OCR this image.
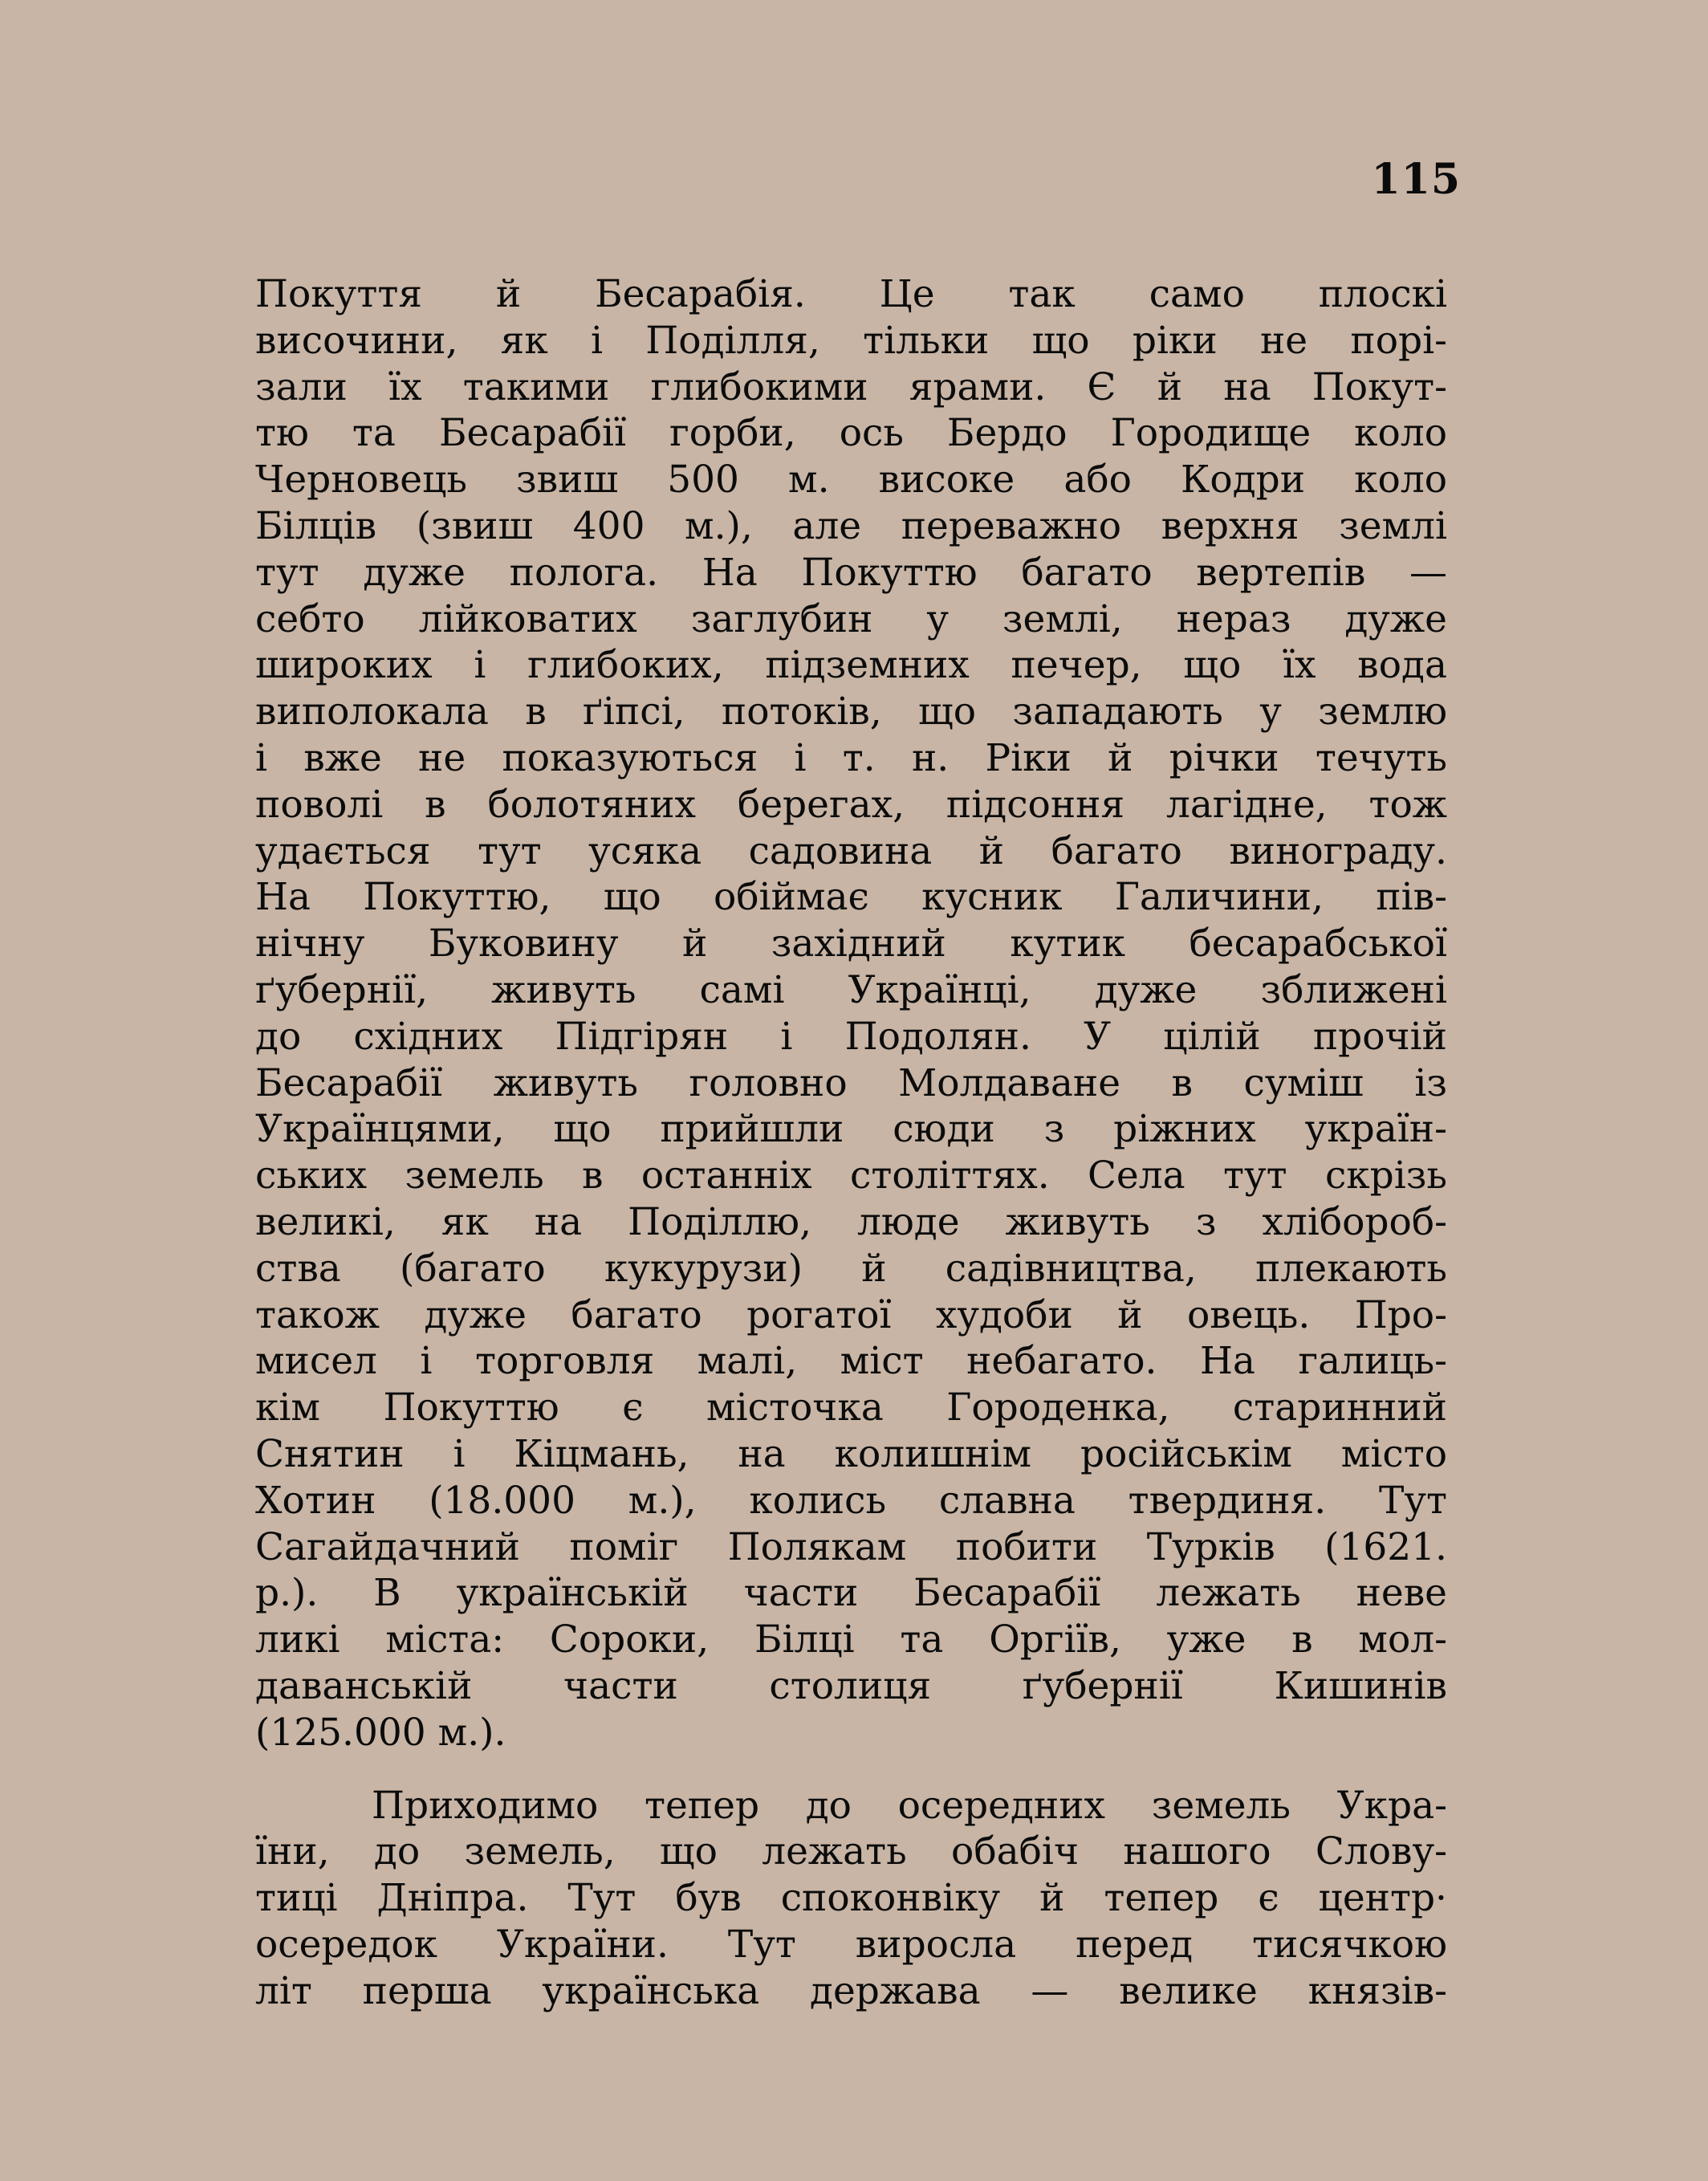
115
Покуття й Бесарабія. Це так само плоскі
височини, як і Поділля, тільки що ріки не порі-
зали їх такими глибокими ярами. Є й на Покут-
тю та Бесарабії горби, ось Бердо Городище коло
Черновець звиш 500 м. високе або Кодри коло
Білців (звиш 400 м.), але переважно верхня землі
тут дуже полога. На Покуттю багато вертепів —
себто лійковатих заглубин у землі, нераз дуже
широких і глибоких, підземних печер, що їх вода
виполокала в ґіпсі, потоків, що западають у землю
і вже не показуються і т. н. Ріки й річки течуть
поволі в болотяних берегах, підсоння лагідне, тож
удається тут усяка садовина й багато винограду.
На Покуттю, що обіймає кусник Галичини, пів-
нічну Буковину й західний кутик бесарабської
ґубернії, живуть самі Українці, дуже зближені
до східних Підгірян і Подолян. У цілій прочій
Бесарабії живуть головно Молдаване в суміш із
Українцями, що прийшли сюди з ріжних україн-
ських земель в останніх століттях. Села тут скрізь
великі, як на Поділлю, люде живуть з хлібороб-
ства (багато кукурузи) й садівництва, плекають
також дуже багато рогатої худоби й овець. Про-
мисел і торговля малі, міст небагато. На галиць-
кім Покуттю є місточка Городенка, старинний
Снятин і Кіцмань, на колишнім російськім місто
Хотин (18.000 м.), колись славна твердиня. Тут
Сагайдачний поміг Полякам побити Турків (1621.
р.). В українській части Бесарабії лежать неве
ликі міста: Сороки, Білці та Оргіїв, уже в мол-
даванській части столиця ґубернії Кишинів
(125.000 м.).
Приходимо тепер до осередних земель Укра-
їни, до земель, що лежать обабіч нашого Слову-
тиці Дніпра. Тут був споконвіку й тепер є центр·
осередок України. Тут виросла перед тисячкою
літ перша українська держава — велике князів-
